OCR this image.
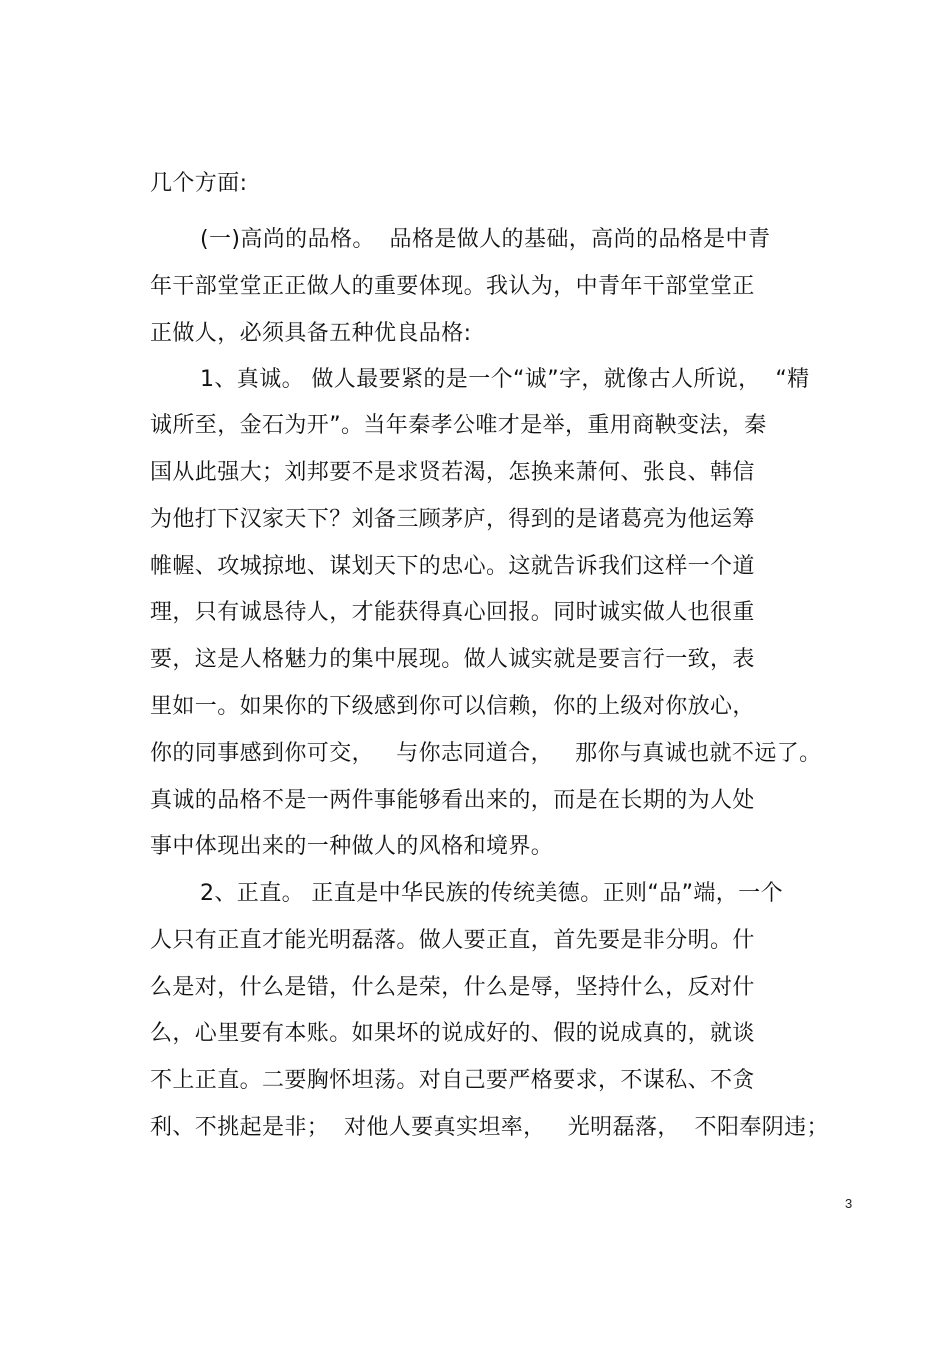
几个方面:
(一)高尚的品格。  品格是做人的基础，高尚的品格是中青
年干部堂堂正正做人的重要体现。我认为，中青年干部堂堂正
正做人，必须具备五种优良品格:
1、真诚。 做人最要紧的是一个“诚”字，就像古人所说，  “精
诚所至，金石为开”。当年秦孝公唯才是举，重用商鞅变法，秦
国从此强大；刘邦要不是求贤若渴，怎换来萧何、张良、韩信
为他打下汉家天下？刘备三顾茅庐，得到的是诸葛亮为他运筹
帷幄、攻城掠地、谋划天下的忠心。这就告诉我们这样一个道
理，只有诚恳待人，才能获得真心回报。同时诚实做人也很重
要，这是人格魅力的集中展现。做人诚实就是要言行一致，表
里如一。如果你的下级感到你可以信赖，你的上级对你放心，
你的同事感到你可交，   与你志同道合，   那你与真诚也就不远了。
真诚的品格不是一两件事能够看出来的，而是在长期的为人处
事中体现出来的一种做人的风格和境界。
2、正直。 正直是中华民族的传统美德。正则“品”端，一个
人只有正直才能光明磊落。做人要正直，首先要是非分明。什
么是对，什么是错，什么是荣，什么是辱，坚持什么，反对什
么，心里要有本账。如果坏的说成好的、假的说成真的，就谈
不上正直。二要胸怀坦荡。对自己要严格要求，不谋私、不贪
利、不挑起是非；  对他人要真实坦率，   光明磊落，  不阳奉阴违；
3
